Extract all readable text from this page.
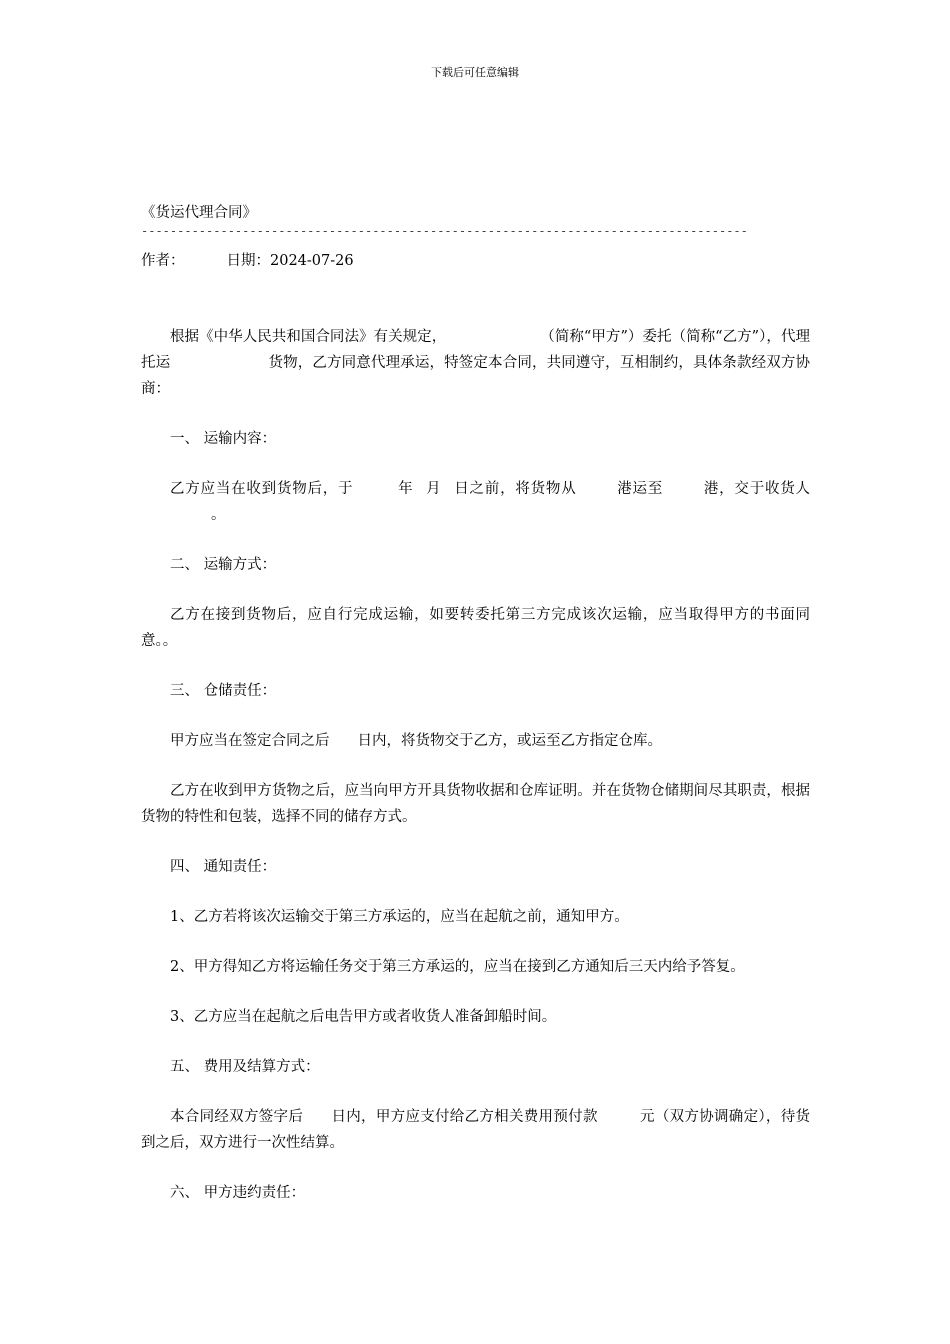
下载后可任意编辑
《货运代理合同》
------------------------------------------------------------------------------------
作者：	日期：2024-07-26

根据《中华人民共和国合同法》有关规定，	（简称“甲方”）委托（简称“乙方”），代理托运	货物，乙方同意代理承运，特签定本合同，共同遵守，互相制约，具体条款经双方协商：

一、 运输内容：

乙方应当在收到货物后，于	年 月 日之前，将货物从	港运至	港，交于收货人。

二、 运输方式：

乙方在接到货物后，应自行完成运输，如要转委托第三方完成该次运输，应当取得甲方的书面同意。。

三、 仓储责任：

甲方应当在签定合同之后 日内，将货物交于乙方，或运至乙方指定仓库。

乙方在收到甲方货物之后，应当向甲方开具货物收据和仓库证明。并在货物仓储期间尽其职责，根据货物的特性和包装，选择不同的储存方式。

四、 通知责任：

1、乙方若将该次运输交于第三方承运的，应当在起航之前，通知甲方。

2、甲方得知乙方将运输任务交于第三方承运的，应当在接到乙方通知后三天内给予答复。

3、乙方应当在起航之后电告甲方或者收货人准备卸船时间。

五、 费用及结算方式：

本合同经双方签字后 日内，甲方应支付给乙方相关费用预付款	元（双方协调确定），待货到之后，双方进行一次性结算。

六、 甲方违约责任：
